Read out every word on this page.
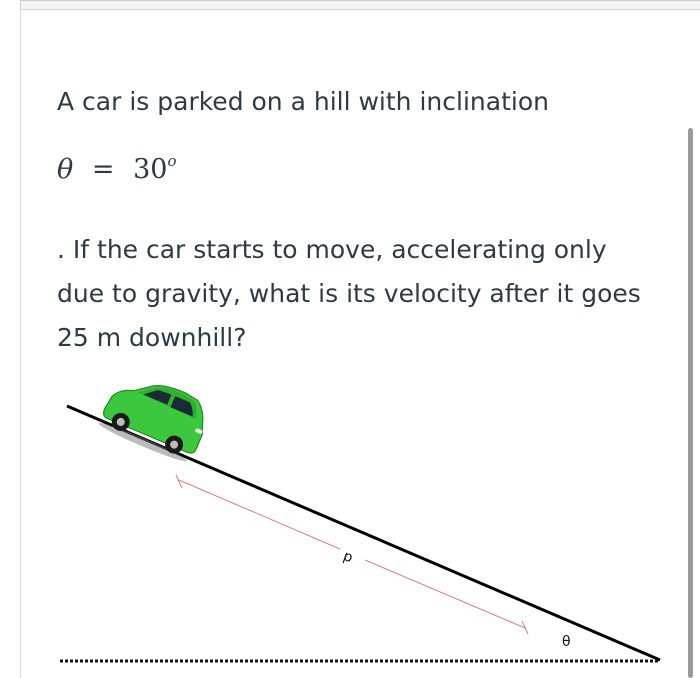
A car is parked on a hill with inclination

$\theta = 30^o$

. If the car starts to move, accelerating only due to gravity, what is its velocity after it goes 25 m downhill?

d
θ
